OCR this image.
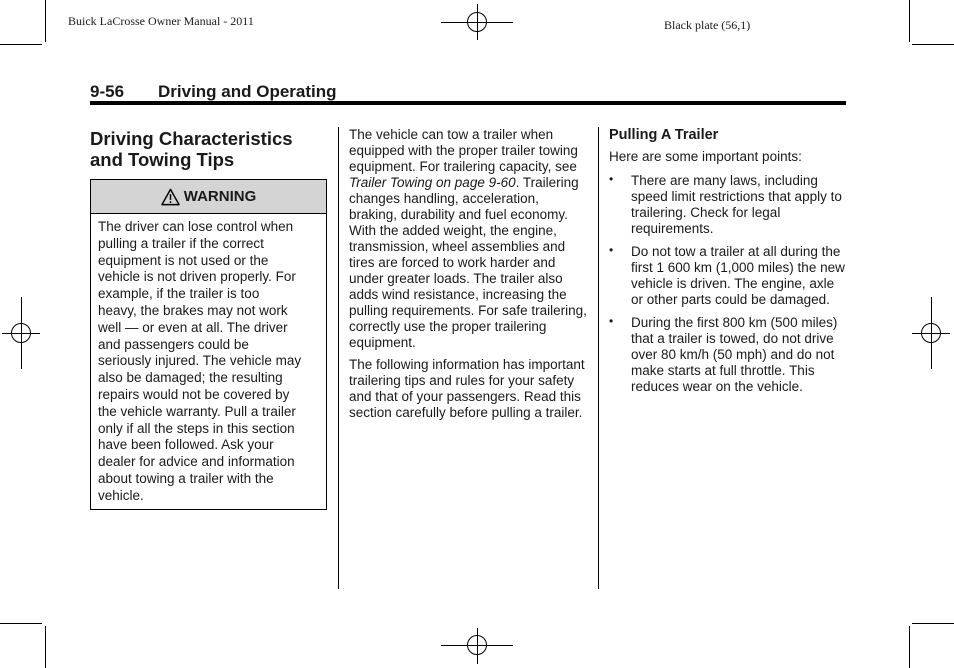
Buick LaCrosse Owner Manual - 2011	Black plate (56,1)
9-56 Driving and Operating
Driving Characteristics
and Towing Tips
WARNING
The driver can lose control when
pulling a trailer if the correct
equipment is not used or the
vehicle is not driven properly. For
example, if the trailer is too
heavy, the brakes may not work
well — or even at all. The driver
and passengers could be
seriously injured. The vehicle may
also be damaged; the resulting
repairs would not be covered by
the vehicle warranty. Pull a trailer
only if all the steps in this section
have been followed. Ask your
dealer for advice and information
about towing a trailer with the
vehicle.

The vehicle can tow a trailer when equipped with the proper trailer towing equipment. For trailering capacity, see Trailer Towing on page 9‑60. Trailering changes handling, acceleration, braking, durability and fuel economy. With the added weight, the engine, transmission, wheel assemblies and tires are forced to work harder and under greater loads. The trailer also adds wind resistance, increasing the pulling requirements. For safe trailering, correctly use the proper trailering equipment.

The following information has important trailering tips and rules for your safety and that of your passengers. Read this section carefully before pulling a trailer.

Pulling A Trailer

Here are some important points:

• There are many laws, including speed limit restrictions that apply to trailering. Check for legal requirements.
• Do not tow a trailer at all during the first 1 600 km (1,000 miles) the new vehicle is driven. The engine, axle or other parts could be damaged.
• During the first 800 km (500 miles) that a trailer is towed, do not drive over 80 km/h (50 mph) and do not make starts at full throttle. This reduces wear on the vehicle.
